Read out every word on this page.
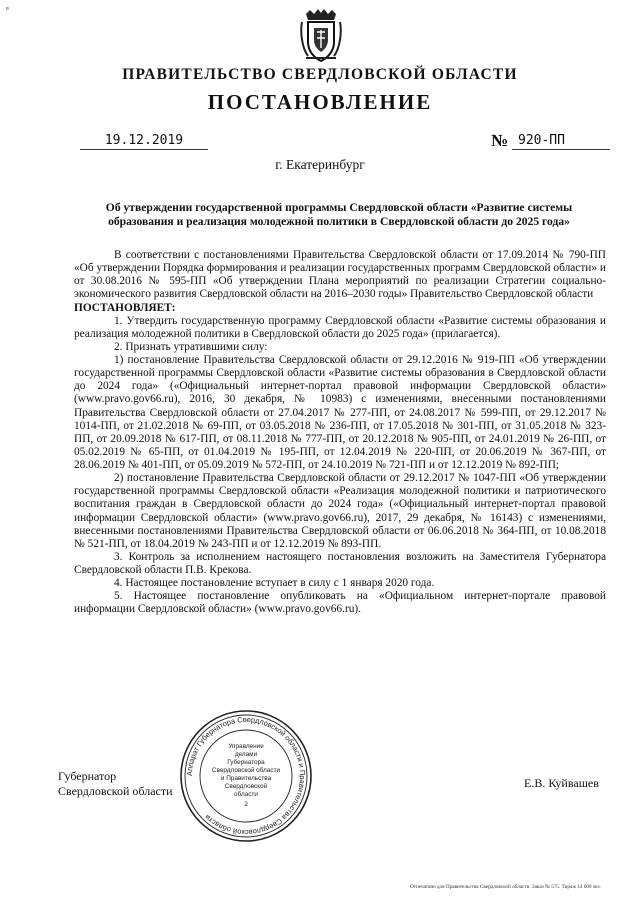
в
ПРАВИТЕЛЬСТВО СВЕРДЛОВСКОЙ ОБЛАСТИ
ПОСТАНОВЛЕНИЕ
19.12.2019	№ 920-ПП
г. Екатеринбург
Об утверждении государственной программы Свердловской области «Развитие системы образования и реализация молодежной политики в Свердловской области до 2025 года»

В соответствии с постановлениями Правительства Свердловской области от 17.09.2014 № 790-ПП «Об утверждении Порядка формирования и реализации государственных программ Свердловской области» и от 30.08.2016 № 595-ПП «Об утверждении Плана мероприятий по реализации Стратегии социально-экономического развития Свердловской области на 2016–2030 годы» Правительство Свердловской области

ПОСТАНОВЛЯЕТ:

1. Утвердить государственную программу Свердловской области «Развитие системы образования и реализация молодежной политики в Свердловской области до 2025 года» (прилагается).

2. Признать утратившими силу:

1) постановление Правительства Свердловской области от 29.12.2016 № 919-ПП «Об утверждении государственной программы Свердловской области «Развитие системы образования в Свердловской области до 2024 года» («Официальный интернет-портал правовой информации Свердловской области» (www.pravo.gov66.ru), 2016, 30 декабря, № 10983) с изменениями, внесенными постановлениями Правительства Свердловской области от 27.04.2017 № 277-ПП, от 24.08.2017 № 599-ПП, от 29.12.2017 № 1014-ПП, от 21.02.2018 № 69-ПП, от 03.05.2018 № 236-ПП, от 17.05.2018 № 301-ПП, от 31.05.2018 № 323-ПП, от 20.09.2018 № 617-ПП, от 08.11.2018 № 777-ПП, от 20.12.2018 № 905-ПП, от 24.01.2019 № 26-ПП, от 05.02.2019 № 65-ПП, от 01.04.2019 № 195-ПП, от 12.04.2019 № 220-ПП, от 20.06.2019 № 367-ПП, от 28.06.2019 № 401-ПП, от 05.09.2019 № 572-ПП, от 24.10.2019 № 721-ПП и от 12.12.2019 № 892-ПП;

2) постановление Правительства Свердловской области от 29.12.2017 № 1047-ПП «Об утверждении государственной программы Свердловской области «Реализация молодежной политики и патриотического воспитания граждан в Свердловской области до 2024 года» («Официальный интернет-портал правовой информации Свердловской области» (www.pravo.gov66.ru), 2017, 29 декабря, № 16143) с изменениями, внесенными постановлениями Правительства Свердловской области от 06.06.2018 № 364-ПП, от 10.08.2018 № 521-ПП, от 18.04.2019 № 243-ПП и от 12.12.2019 № 893-ПП.

3. Контроль за исполнением настоящего постановления возложить на Заместителя Губернатора Свердловской области П.В. Крекова.

4. Настоящее постановление вступает в силу с 1 января 2020 года.

5. Настоящее постановление опубликовать на «Официальном интернет-портале правовой информации Свердловской области» (www.pravo.gov66.ru).

Губернатор
Свердловской области
Аппарат Губернатора Свердловской области и Правительства Свердловской области
Управление
делами
Губернатора
Свердловской области
и Правительства
Свердловской
области
2
Е.В. Куйвашев
Отпечатано для Правительства Свердловской области. Заказ № 575. Тираж 14 000 экз.
